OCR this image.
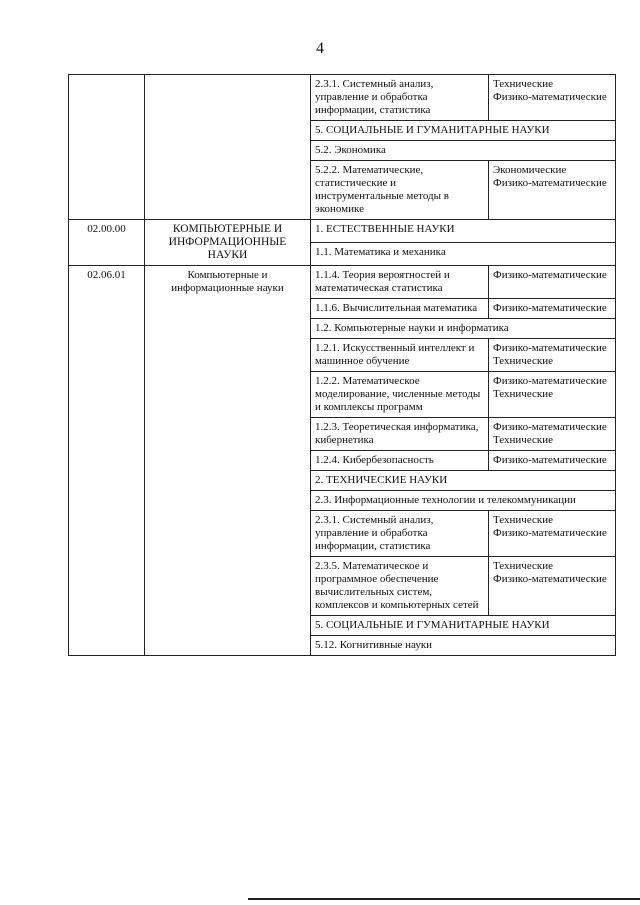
4
		2.3.1. Системный анализ, управление и обработка информации, статистика	Технические
Физико-математические

		5. СОЦИАЛЬНЫЕ И ГУМАНИТАРНЫЕ НАУКИ	
		5.2. Экономика	
		5.2.2. Математические, статистические и инструментальные методы в экономике	Экономические
Физико-математические

02.00.00	КОМПЬЮТЕРНЫЕ И ИНФОРМАЦИОННЫЕ НАУКИ	1. ЕСТЕСТВЕННЫЕ НАУКИ	
		1.1. Математика и механика	
02.06.01	Компьютерные и информационные науки	1.1.4. Теория вероятностей и математическая статистика	Физико-математические

		1.1.6. Вычислительная математика	Физико-математические

		1.2. Компьютерные науки и информатика	
		1.2.1. Искусственный интеллект и машинное обучение	Физико-математические
Технические

		1.2.2. Математическое моделирование, численные методы и комплексы программ	Физико-математические
Технические

		1.2.3. Теоретическая информатика, кибернетика	Физико-математические
Технические

		1.2.4. Кибербезопасность	Физико-математические

		2. ТЕХНИЧЕСКИЕ НАУКИ	
		2.3. Информационные технологии и телекоммуникации	
		2.3.1. Системный анализ, управление и обработка информации, статистика	Технические
Физико-математические

		2.3.5. Математическое и программное обеспечение вычислительных систем, комплексов и компьютерных сетей	Технические
Физико-математические

		5. СОЦИАЛЬНЫЕ И ГУМАНИТАРНЫЕ НАУКИ	
		5.12. Когнитивные науки	
